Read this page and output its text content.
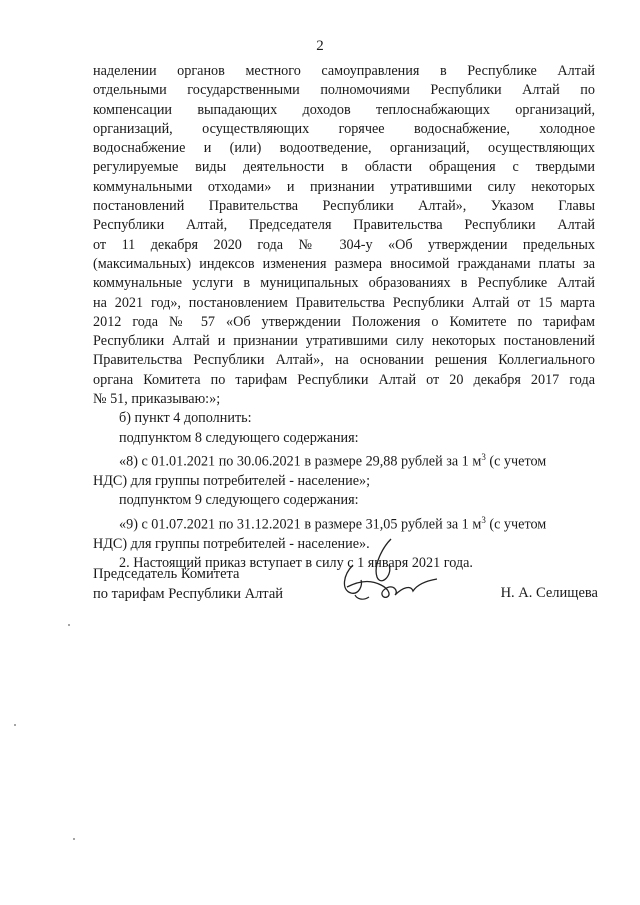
2

наделении органов местного самоуправления в Республике Алтай

отдельными государственными полномочиями Республики Алтай по

компенсации выпадающих доходов теплоснабжающих организаций,

организаций, осуществляющих горячее водоснабжение, холодное

водоснабжение и (или) водоотведение, организаций, осуществляющих

регулируемые виды деятельности в области обращения с твердыми

коммунальными отходами» и признании утратившими силу некоторых

постановлений Правительства Республики Алтай», Указом Главы

Республики Алтай, Председателя Правительства Республики Алтай

от 11 декабря 2020 года № 304-у «Об утверждении предельных

(максимальных) индексов изменения размера вносимой гражданами платы за

коммунальные услуги в муниципальных образованиях в Республике Алтай

на 2021 год», постановлением Правительства Республики Алтай от 15 марта

2012 года № 57 «Об утверждении Положения о Комитете по тарифам

Республики Алтай и признании утратившими силу некоторых постановлений

Правительства Республики Алтай», на основании решения Коллегиального

органа Комитета по тарифам Республики Алтай от 20 декабря 2017 года

№ 51, приказываю:»;

б) пункт 4 дополнить:

подпунктом 8 следующего содержания:

«8) с 01.01.2021 по 30.06.2021 в размере 29,88 рублей за 1 $м^3$ (с учетом

НДС) для группы потребителей - население»;

подпунктом 9 следующего содержания:

«9) с 01.07.2021 по 31.12.2021 в размере 31,05 рублей за 1 $м^3$ (с учетом

НДС) для группы потребителей - население».

2. Настоящий приказ вступает в силу с 1 января 2021 года.

Председатель Комитета
по тарифам Республики Алтай	Н. А. Селищева
